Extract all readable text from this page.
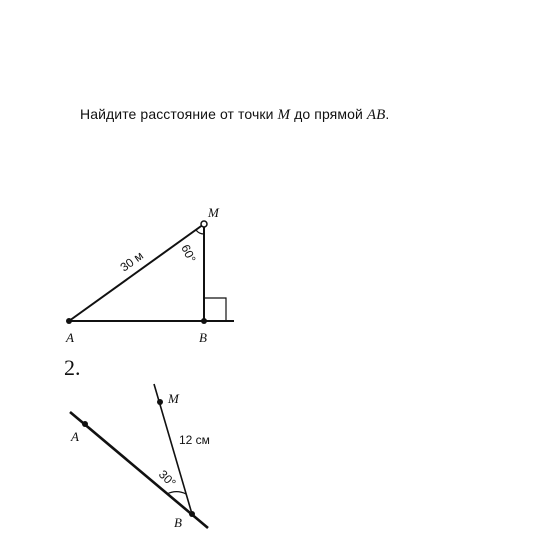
Найдите расстояние от точки M до прямой AB.
A	B
M
30 м	60°
2.
A
M
B
12 см
30°
